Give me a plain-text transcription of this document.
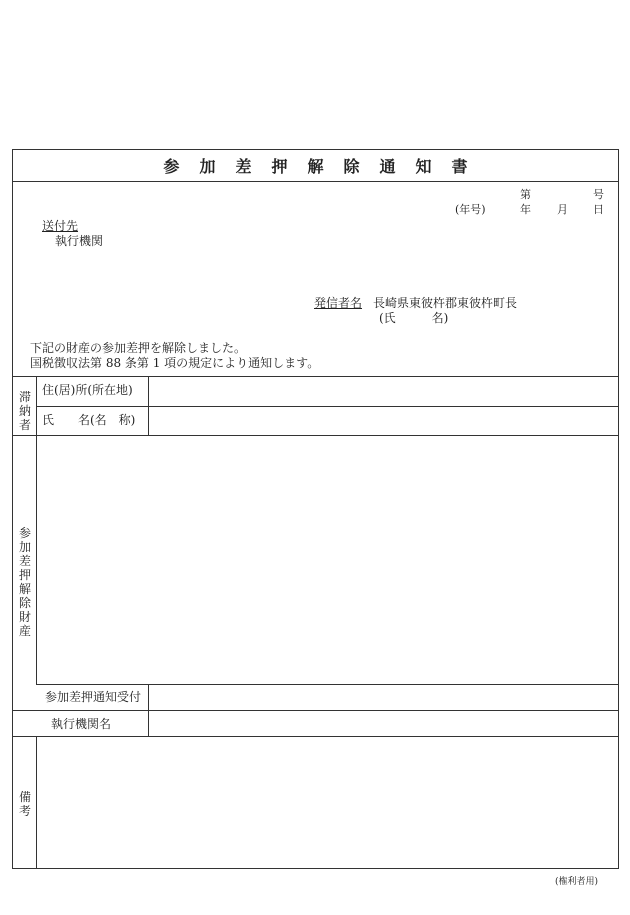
参 加 差 押 解 除 通 知 書
第	号
(年号)	年 月 日
送付先
執行機関
発信者名 長崎県東彼杵郡東彼杵町長
(氏　　　名)
下記の財産の参加差押を解除しました。
国税徴収法第 88 条第 1 項の規定により通知します。
滞
納
者
住(居)所(所在地)
氏　　名(名　称)
参
加
差
押
解
除
財
産
参加差押通知受付
執行機関名
備
考
(権利者用)
